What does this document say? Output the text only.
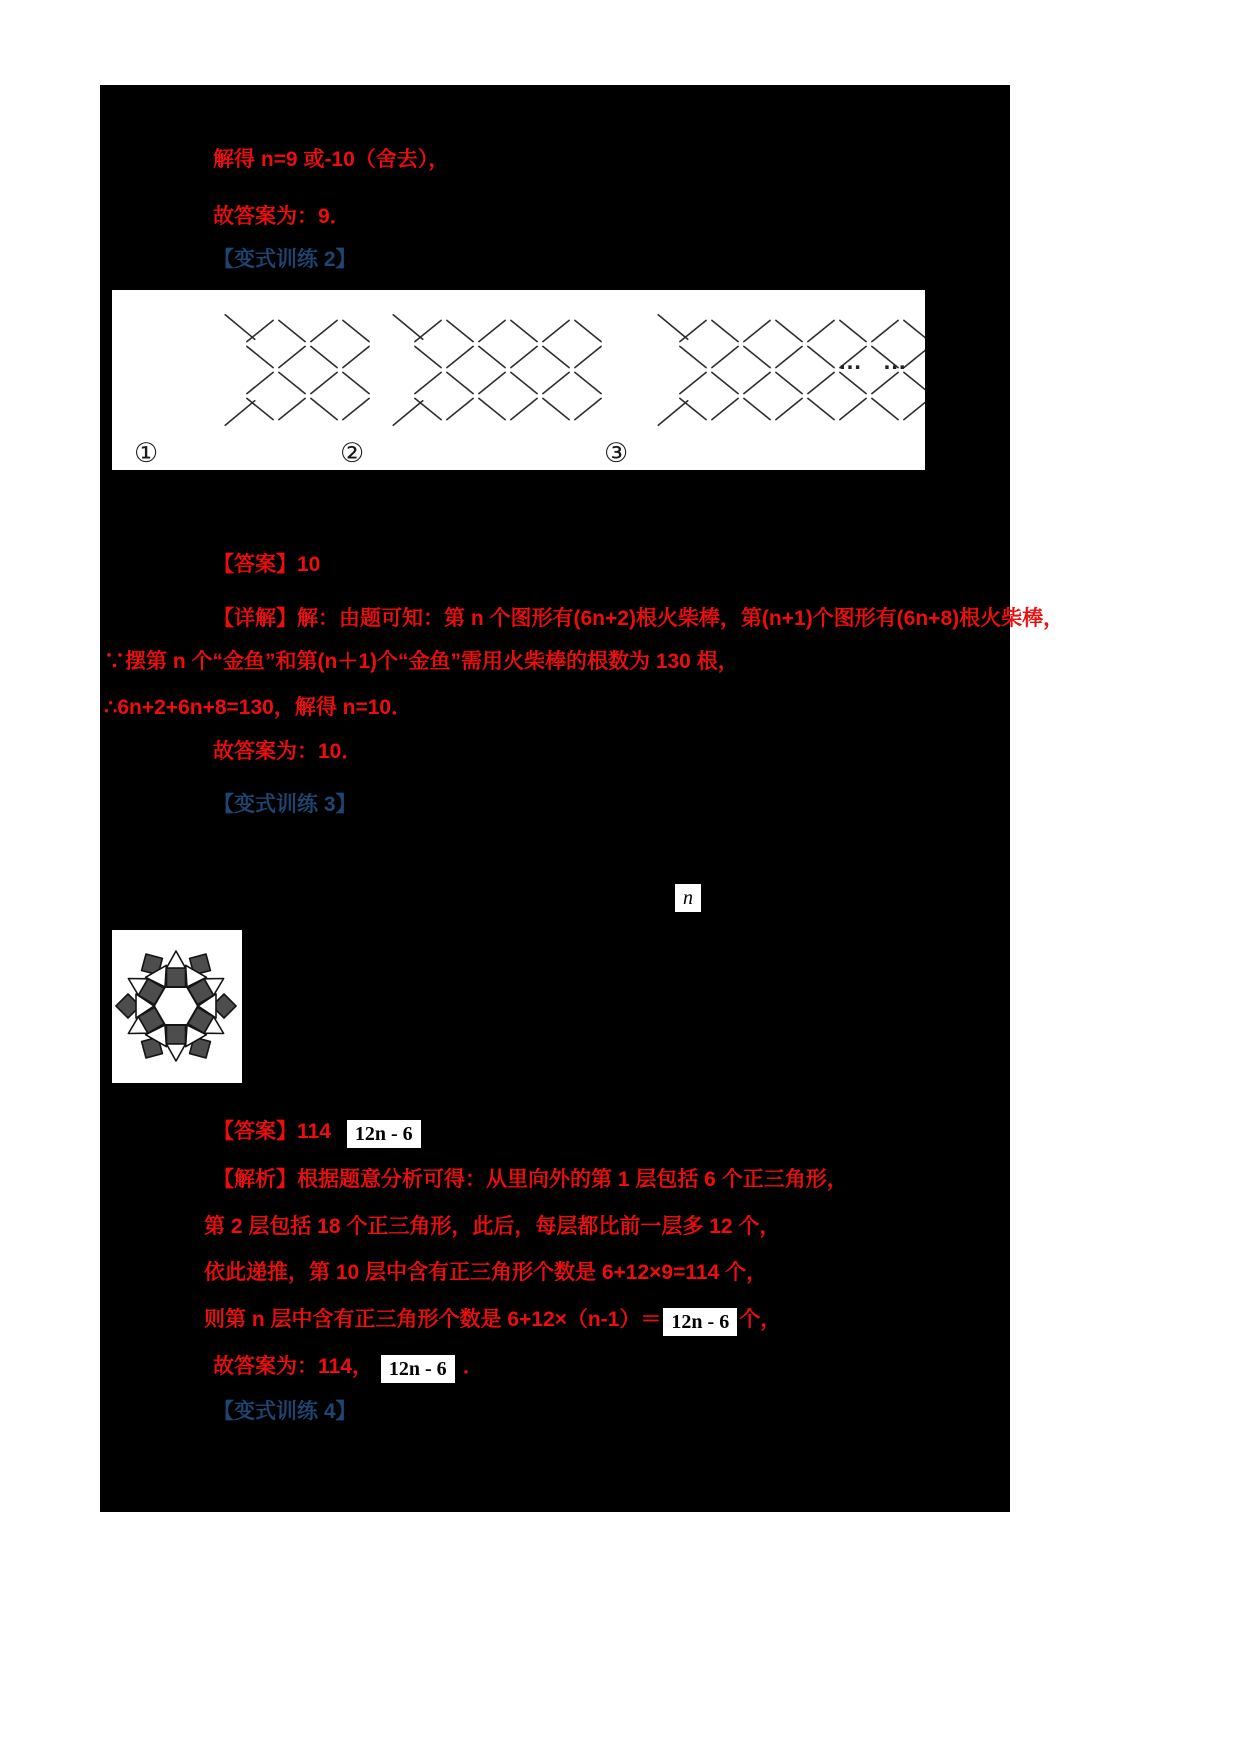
解得 n=9 或-10（舍去），
故答案为：9．
【变式训练 2】
… …
①	②	③
【答案】10
【详解】解：由题可知：第 n 个图形有(6n+2)根火柴棒，第(n+1)个图形有(6n+8)根火柴棒，
∵摆第 n 个“金鱼”和第(n＋1)个“金鱼”需用火柴棒的根数为 130 根，
∴6n+2+6n+8=130，解得 n=10．
故答案为：10．
【变式训练 3】
n
【答案】114 12n - 6
【解析】根据题意分析可得：从里向外的第 1 层包括 6 个正三角形，
第 2 层包括 18 个正三角形，此后，每层都比前一层多 12 个，
依此递推，第 10 层中含有正三角形个数是 6+12×9=114 个，
则第 n 层中含有正三角形个数是 6+12×（n-1）＝ 12n - 6 个，
故答案为：114， 12n - 6 ．
【变式训练 4】
